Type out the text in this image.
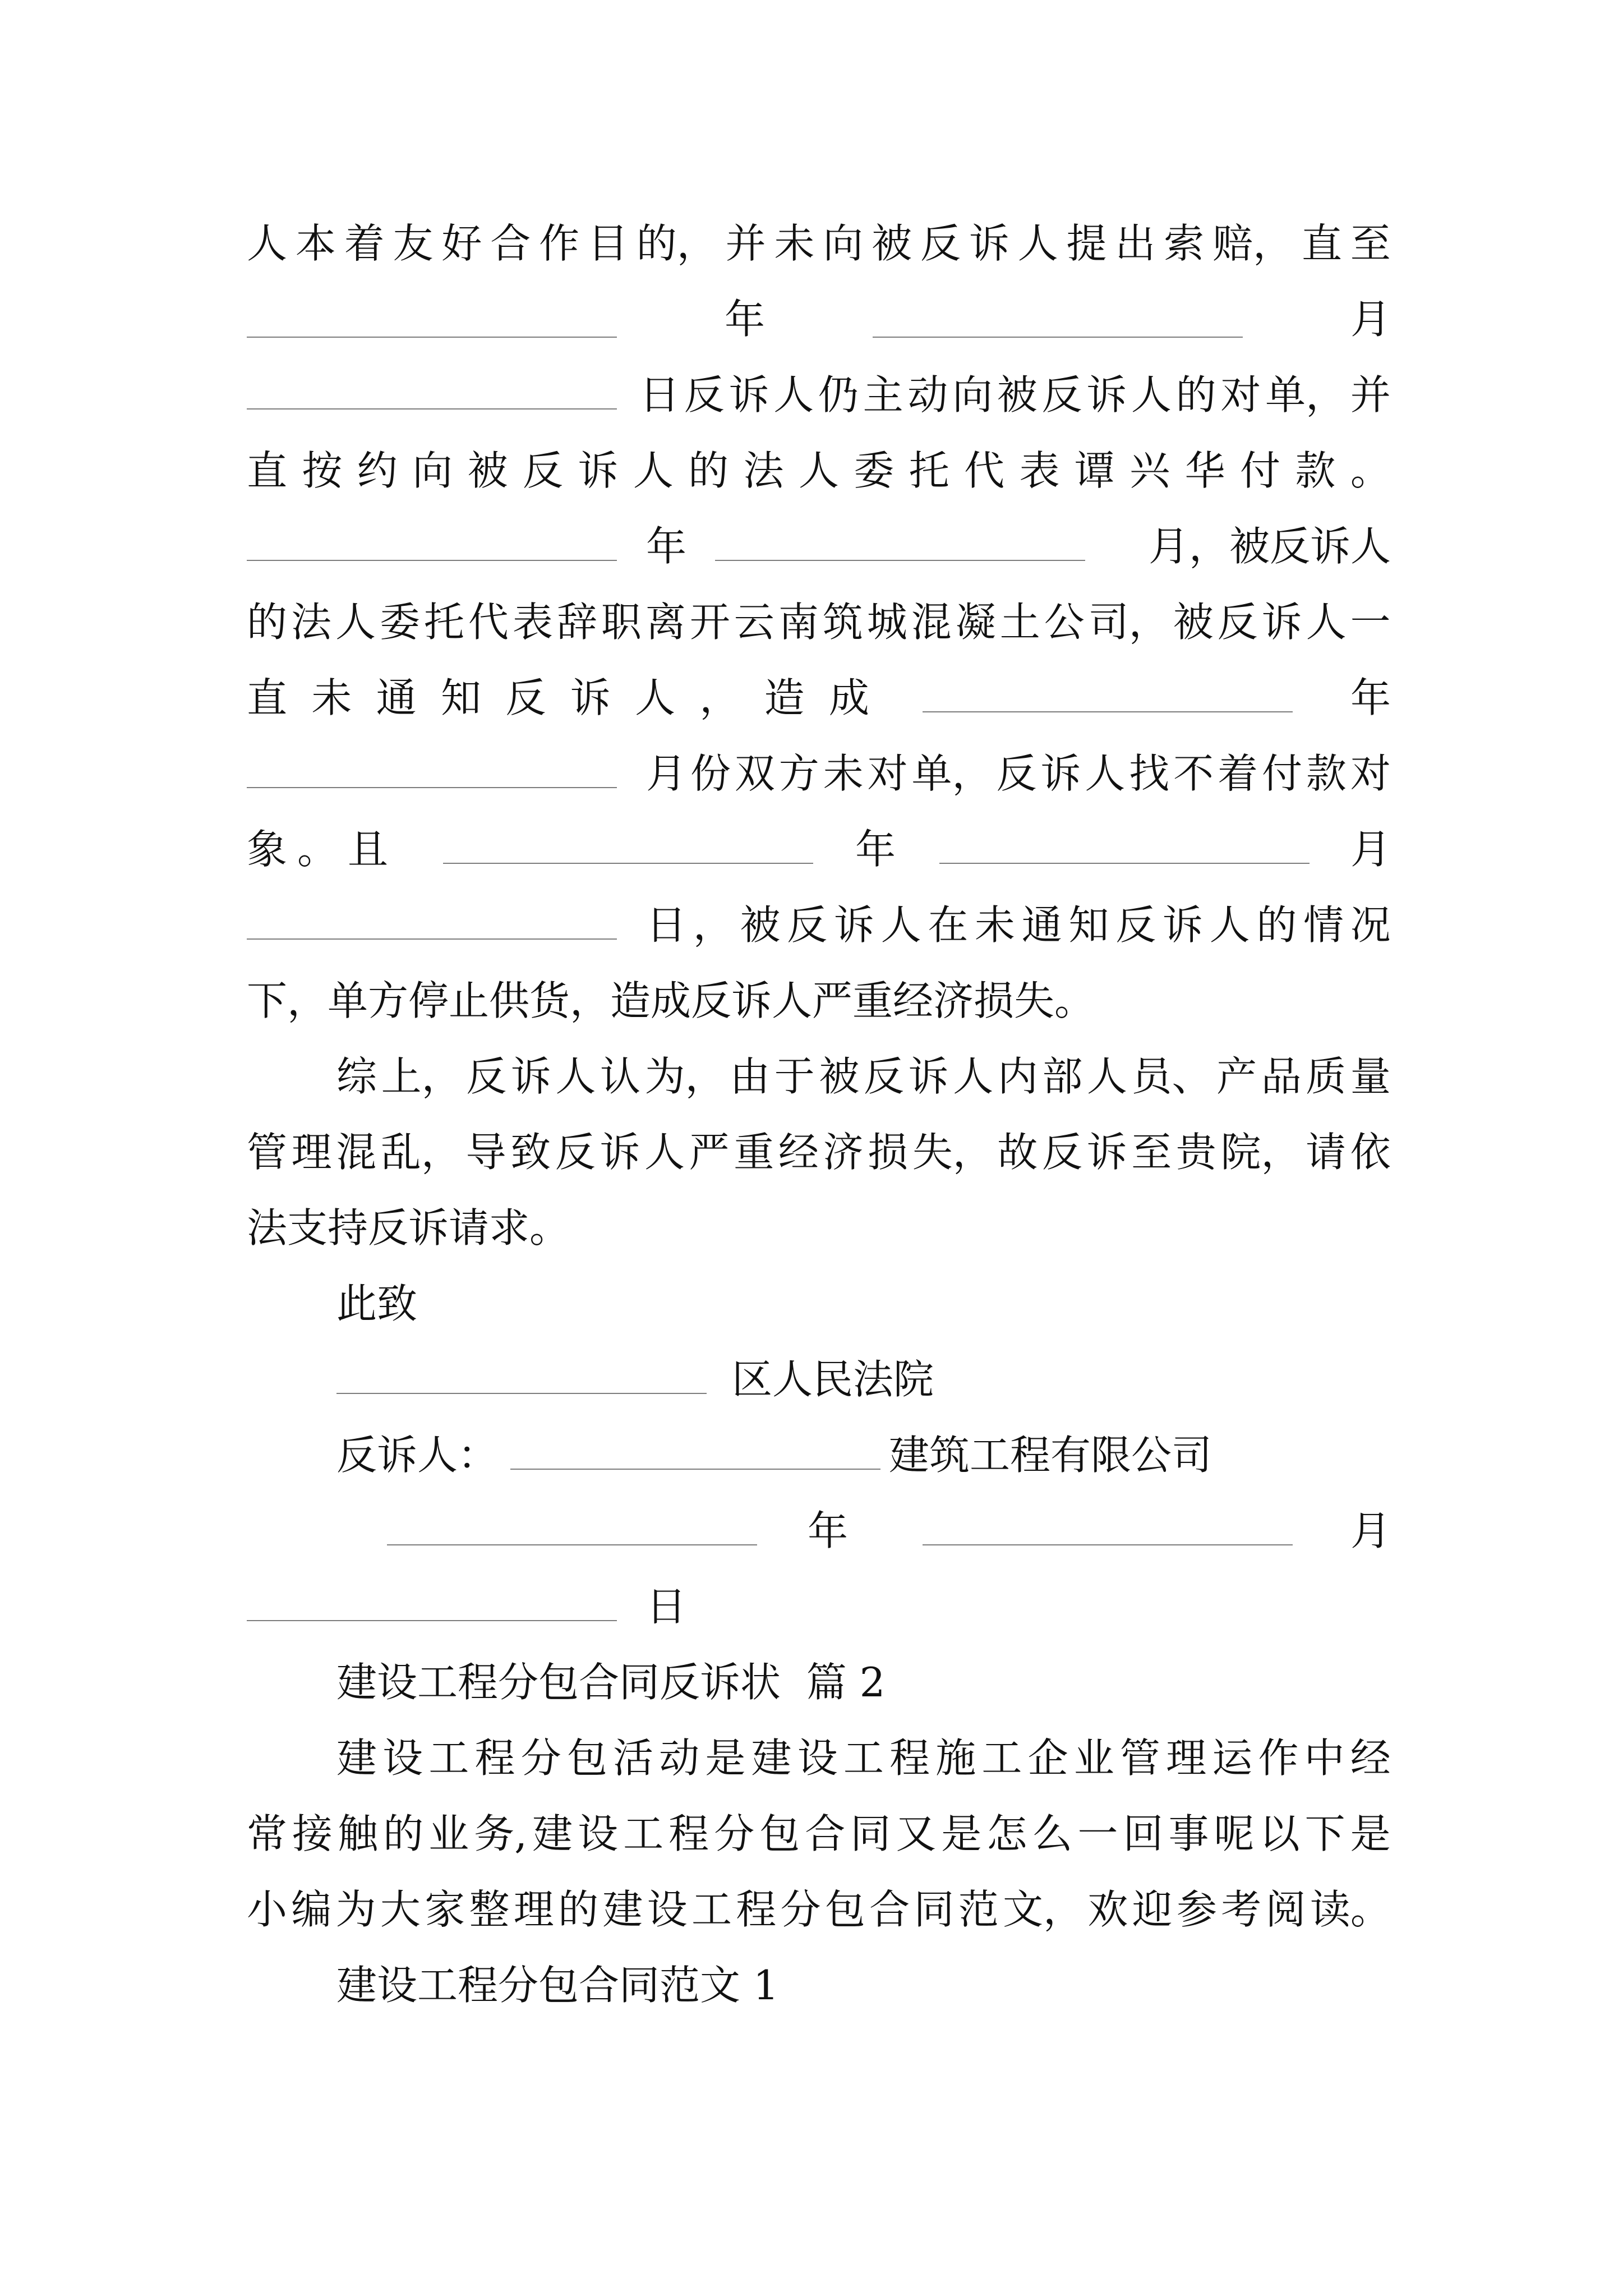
人 本 着 友 好 合 作 目 的， 并 未 向 被 反 诉 人 提 出 索 赔， 直 至
年	月
日 反 诉 人 仍 主 动 向 被 反 诉 人 的 对 单， 并
直 按 约 向 被 反 诉 人 的 法 人 委 托 代 表 谭 兴 华 付 款 。
年	月，被反诉人
的 法 人 委 托 代 表 辞 职 离 开 云 南 筑 城 混 凝 土 公 司， 被 反 诉 人 一
直 未 通 知 反 诉 人 ， 造 成	年
月 份 双 方 未 对 单， 反 诉 人 找 不 着 付 款 对
象。且	年	月
日 ， 被 反 诉 人 在 未 通 知 反 诉 人 的 情 况
下，单方停止供货，造成反诉人严重经济损失。
综 上， 反 诉 人 认 为， 由 于 被 反 诉 人 内 部 人 员、 产 品 质 量
管 理 混 乱， 导 致 反 诉 人 严 重 经 济 损 失， 故 反 诉 至 贵 院， 请 依
法支持反诉请求。
此致
区人民法院
反诉人：	建筑工程有限公司
年	月
日
建设工程分包合同反诉状  篇 2
建 设 工 程 分 包 活 动 是 建 设 工 程 施 工 企 业 管 理 运 作 中 经
常 接 触 的 业 务, 建 设 工 程 分 包 合 同 又 是 怎 么 一 回 事 呢 以 下 是
小 编 为 大 家 整 理 的 建 设 工 程 分 包 合 同 范 文， 欢 迎 参 考 阅 读。
建设工程分包合同范文 1
